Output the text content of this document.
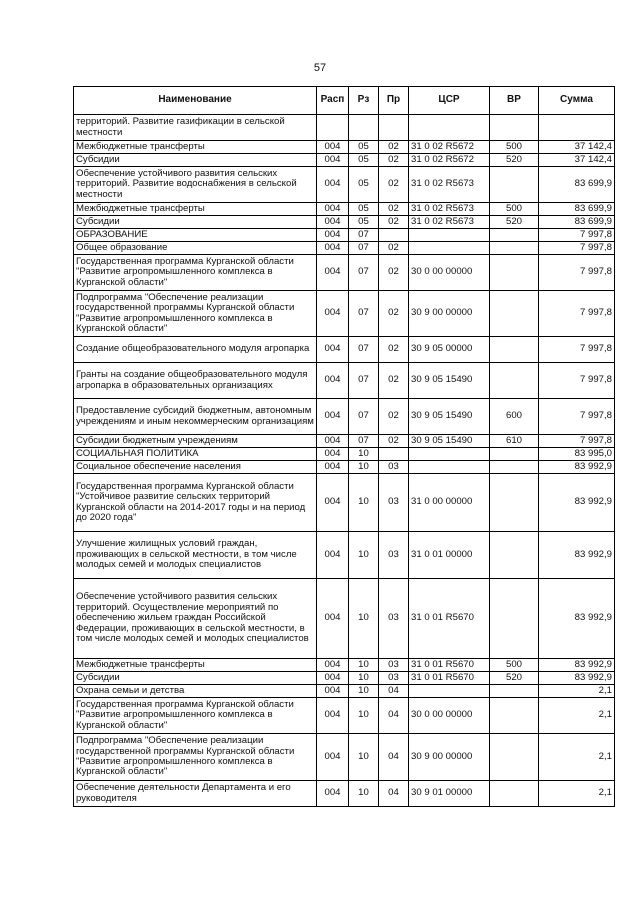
57
Наименование	Расп	Рз	Пр	ЦСР	ВР	Сумма
территорий. Развитие газификации в сельской местности						
Межбюджетные трансферты	004	05	02	31 0 02 R5672	500	37 142,4
Субсидии	004	05	02	31 0 02 R5672	520	37 142,4
Обеспечение устойчивого развития сельских территорий. Развитие водоснабжения в сельской местности	004	05	02	31 0 02 R5673		83 699,9
Межбюджетные трансферты	004	05	02	31 0 02 R5673	500	83 699,9
Субсидии	004	05	02	31 0 02 R5673	520	83 699,9
ОБРАЗОВАНИЕ	004	07				7 997,8
Общее образование	004	07	02			7 997,8
Государственная программа Курганской области "Развитие агропромышленного комплекса в Курганской области"	004	07	02	30 0 00 00000		7 997,8
Подпрограмма "Обеспечение реализации государственной программы Курганской области "Развитие агропромышленного комплекса в Курганской области"	004	07	02	30 9 00 00000		7 997,8
Создание общеобразовательного модуля агропарка	004	07	02	30 9 05 00000		7 997,8
Гранты на создание общеобразовательного модуля агропарка в образовательных организациях	004	07	02	30 9 05 15490		7 997,8
Предоставление субсидий бюджетным, автономным учреждениям и иным некоммерческим организациям	004	07	02	30 9 05 15490	600	7 997,8
Субсидии бюджетным учреждениям	004	07	02	30 9 05 15490	610	7 997,8
СОЦИАЛЬНАЯ ПОЛИТИКА	004	10				83 995,0
Социальное обеспечение населения	004	10	03			83 992,9
Государственная программа Курганской области "Устойчивое развитие сельских территорий Курганской области на 2014-2017 годы и на период до 2020 года"	004	10	03	31 0 00 00000		83 992,9
Улучшение жилищных условий граждан, проживающих в сельской местности, в том числе молодых семей и молодых специалистов	004	10	03	31 0 01 00000		83 992,9
Обеспечение устойчивого развития сельских территорий. Осуществление мероприятий по обеспечению жильем граждан Российской Федерации, проживающих в сельской местности, в том числе молодых семей и молодых специалистов	004	10	03	31 0 01 R5670		83 992,9
Межбюджетные трансферты	004	10	03	31 0 01 R5670	500	83 992,9
Субсидии	004	10	03	31 0 01 R5670	520	83 992,9
Охрана семьи и детства	004	10	04			2,1
Государственная программа Курганской области "Развитие агропромышленного комплекса в Курганской области"	004	10	04	30 0 00 00000		2,1
Подпрограмма "Обеспечение реализации государственной программы Курганской области "Развитие агропромышленного комплекса в Курганской области"	004	10	04	30 9 00 00000		2,1
Обеспечение деятельности Департамента и его руководителя	004	10	04	30 9 01 00000		2,1
